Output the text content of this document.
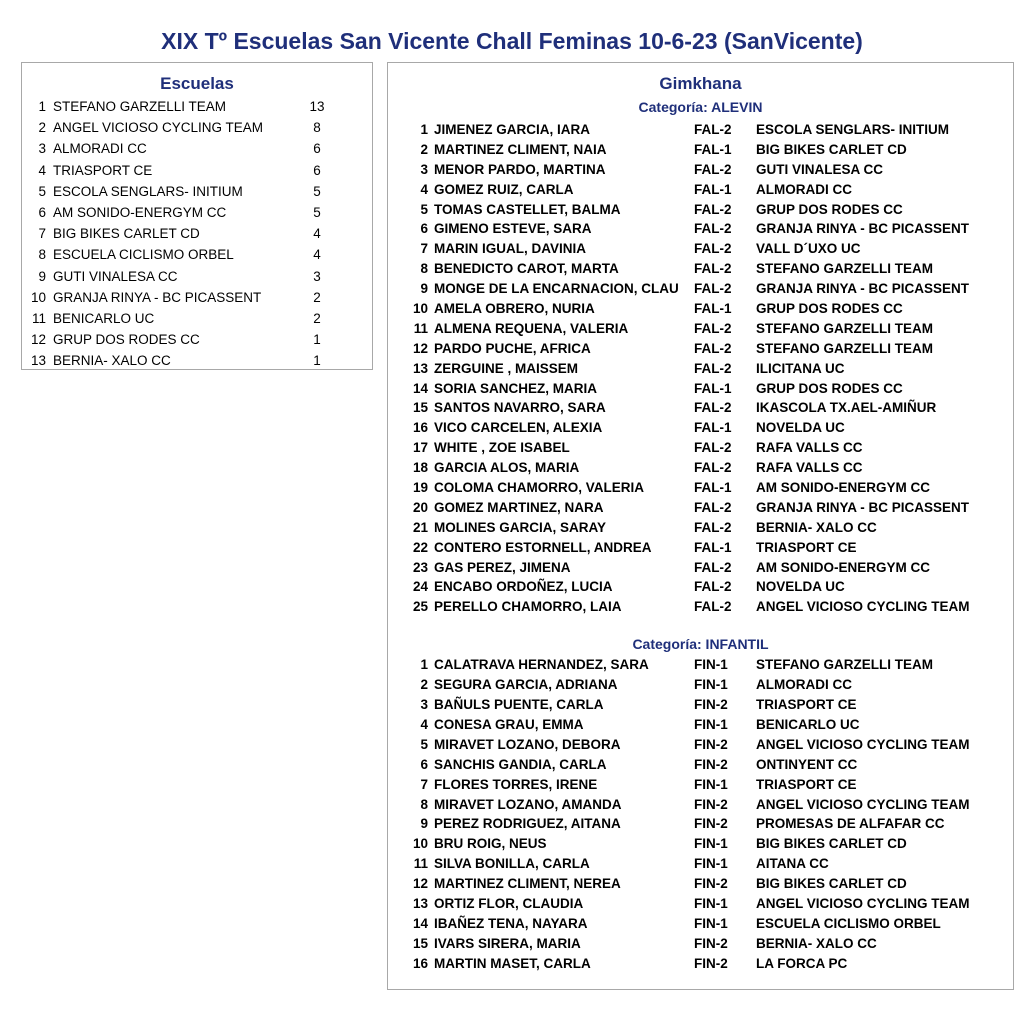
XIX Tº Escuelas San Vicente Chall Feminas 10-6-23 (SanVicente)
Escuelas
1 STEFANO GARZELLI TEAM	13
2 ANGEL VICIOSO CYCLING TEAM	8
3 ALMORADI CC	6
4 TRIASPORT CE	6
5 ESCOLA SENGLARS- INITIUM	5
6 AM SONIDO-ENERGYM CC	5
7 BIG BIKES CARLET CD	4
8 ESCUELA CICLISMO ORBEL	4
9 GUTI VINALESA CC	3
10 GRANJA RINYA - BC PICASSENT	2
11 BENICARLO UC	2
12 GRUP DOS RODES CC	1
13 BERNIA- XALO CC	1
Gimkhana
Categoría: ALEVIN
1 JIMENEZ GARCIA, IARA	FAL-2	ESCOLA SENGLARS- INITIUM
2 MARTINEZ CLIMENT, NAIA	FAL-1	BIG BIKES CARLET CD
3 MENOR PARDO, MARTINA	FAL-2	GUTI VINALESA CC
4 GOMEZ RUIZ, CARLA	FAL-1	ALMORADI CC
5 TOMAS CASTELLET, BALMA	FAL-2	GRUP DOS RODES CC
6 GIMENO ESTEVE, SARA	FAL-2	GRANJA RINYA - BC PICASSENT
7 MARIN IGUAL, DAVINIA	FAL-2	VALL D´UXO UC
8 BENEDICTO CAROT, MARTA	FAL-2	STEFANO GARZELLI TEAM
9 MONGE DE LA ENCARNACION, CLAU	FAL-2	GRANJA RINYA - BC PICASSENT
10 AMELA OBRERO, NURIA	FAL-1	GRUP DOS RODES CC
11 ALMENA REQUENA, VALERIA	FAL-2	STEFANO GARZELLI TEAM
12 PARDO PUCHE, AFRICA	FAL-2	STEFANO GARZELLI TEAM
13 ZERGUINE , MAISSEM	FAL-2	ILICITANA UC
14 SORIA SANCHEZ, MARIA	FAL-1	GRUP DOS RODES CC
15 SANTOS NAVARRO, SARA	FAL-2	IKASCOLA TX.AEL-AMIÑUR
16 VICO CARCELEN, ALEXIA	FAL-1	NOVELDA UC
17 WHITE , ZOE ISABEL	FAL-2	RAFA VALLS CC
18 GARCIA ALOS, MARIA	FAL-2	RAFA VALLS CC
19 COLOMA CHAMORRO, VALERIA	FAL-1	AM SONIDO-ENERGYM CC
20 GOMEZ MARTINEZ, NARA	FAL-2	GRANJA RINYA - BC PICASSENT
21 MOLINES GARCIA, SARAY	FAL-2	BERNIA- XALO CC
22 CONTERO ESTORNELL, ANDREA	FAL-1	TRIASPORT CE
23 GAS PEREZ, JIMENA	FAL-2	AM SONIDO-ENERGYM CC
24 ENCABO ORDOÑEZ, LUCIA	FAL-2	NOVELDA UC
25 PERELLO CHAMORRO, LAIA	FAL-2	ANGEL VICIOSO CYCLING TEAM
Categoría: INFANTIL
1 CALATRAVA HERNANDEZ, SARA	FIN-1	STEFANO GARZELLI TEAM
2 SEGURA GARCIA, ADRIANA	FIN-1	ALMORADI CC
3 BAÑULS PUENTE, CARLA	FIN-2	TRIASPORT CE
4 CONESA GRAU, EMMA	FIN-1	BENICARLO UC
5 MIRAVET LOZANO, DEBORA	FIN-2	ANGEL VICIOSO CYCLING TEAM
6 SANCHIS GANDIA, CARLA	FIN-2	ONTINYENT CC
7 FLORES TORRES, IRENE	FIN-1	TRIASPORT CE
8 MIRAVET LOZANO, AMANDA	FIN-2	ANGEL VICIOSO CYCLING TEAM
9 PEREZ RODRIGUEZ, AITANA	FIN-2	PROMESAS DE ALFAFAR CC
10 BRU ROIG, NEUS	FIN-1	BIG BIKES CARLET CD
11 SILVA BONILLA, CARLA	FIN-1	AITANA CC
12 MARTINEZ CLIMENT, NEREA	FIN-2	BIG BIKES CARLET CD
13 ORTIZ FLOR, CLAUDIA	FIN-1	ANGEL VICIOSO CYCLING TEAM
14 IBAÑEZ TENA, NAYARA	FIN-1	ESCUELA CICLISMO ORBEL
15 IVARS SIRERA, MARIA	FIN-2	BERNIA- XALO CC
16 MARTIN MASET, CARLA	FIN-2	LA FORCA PC
